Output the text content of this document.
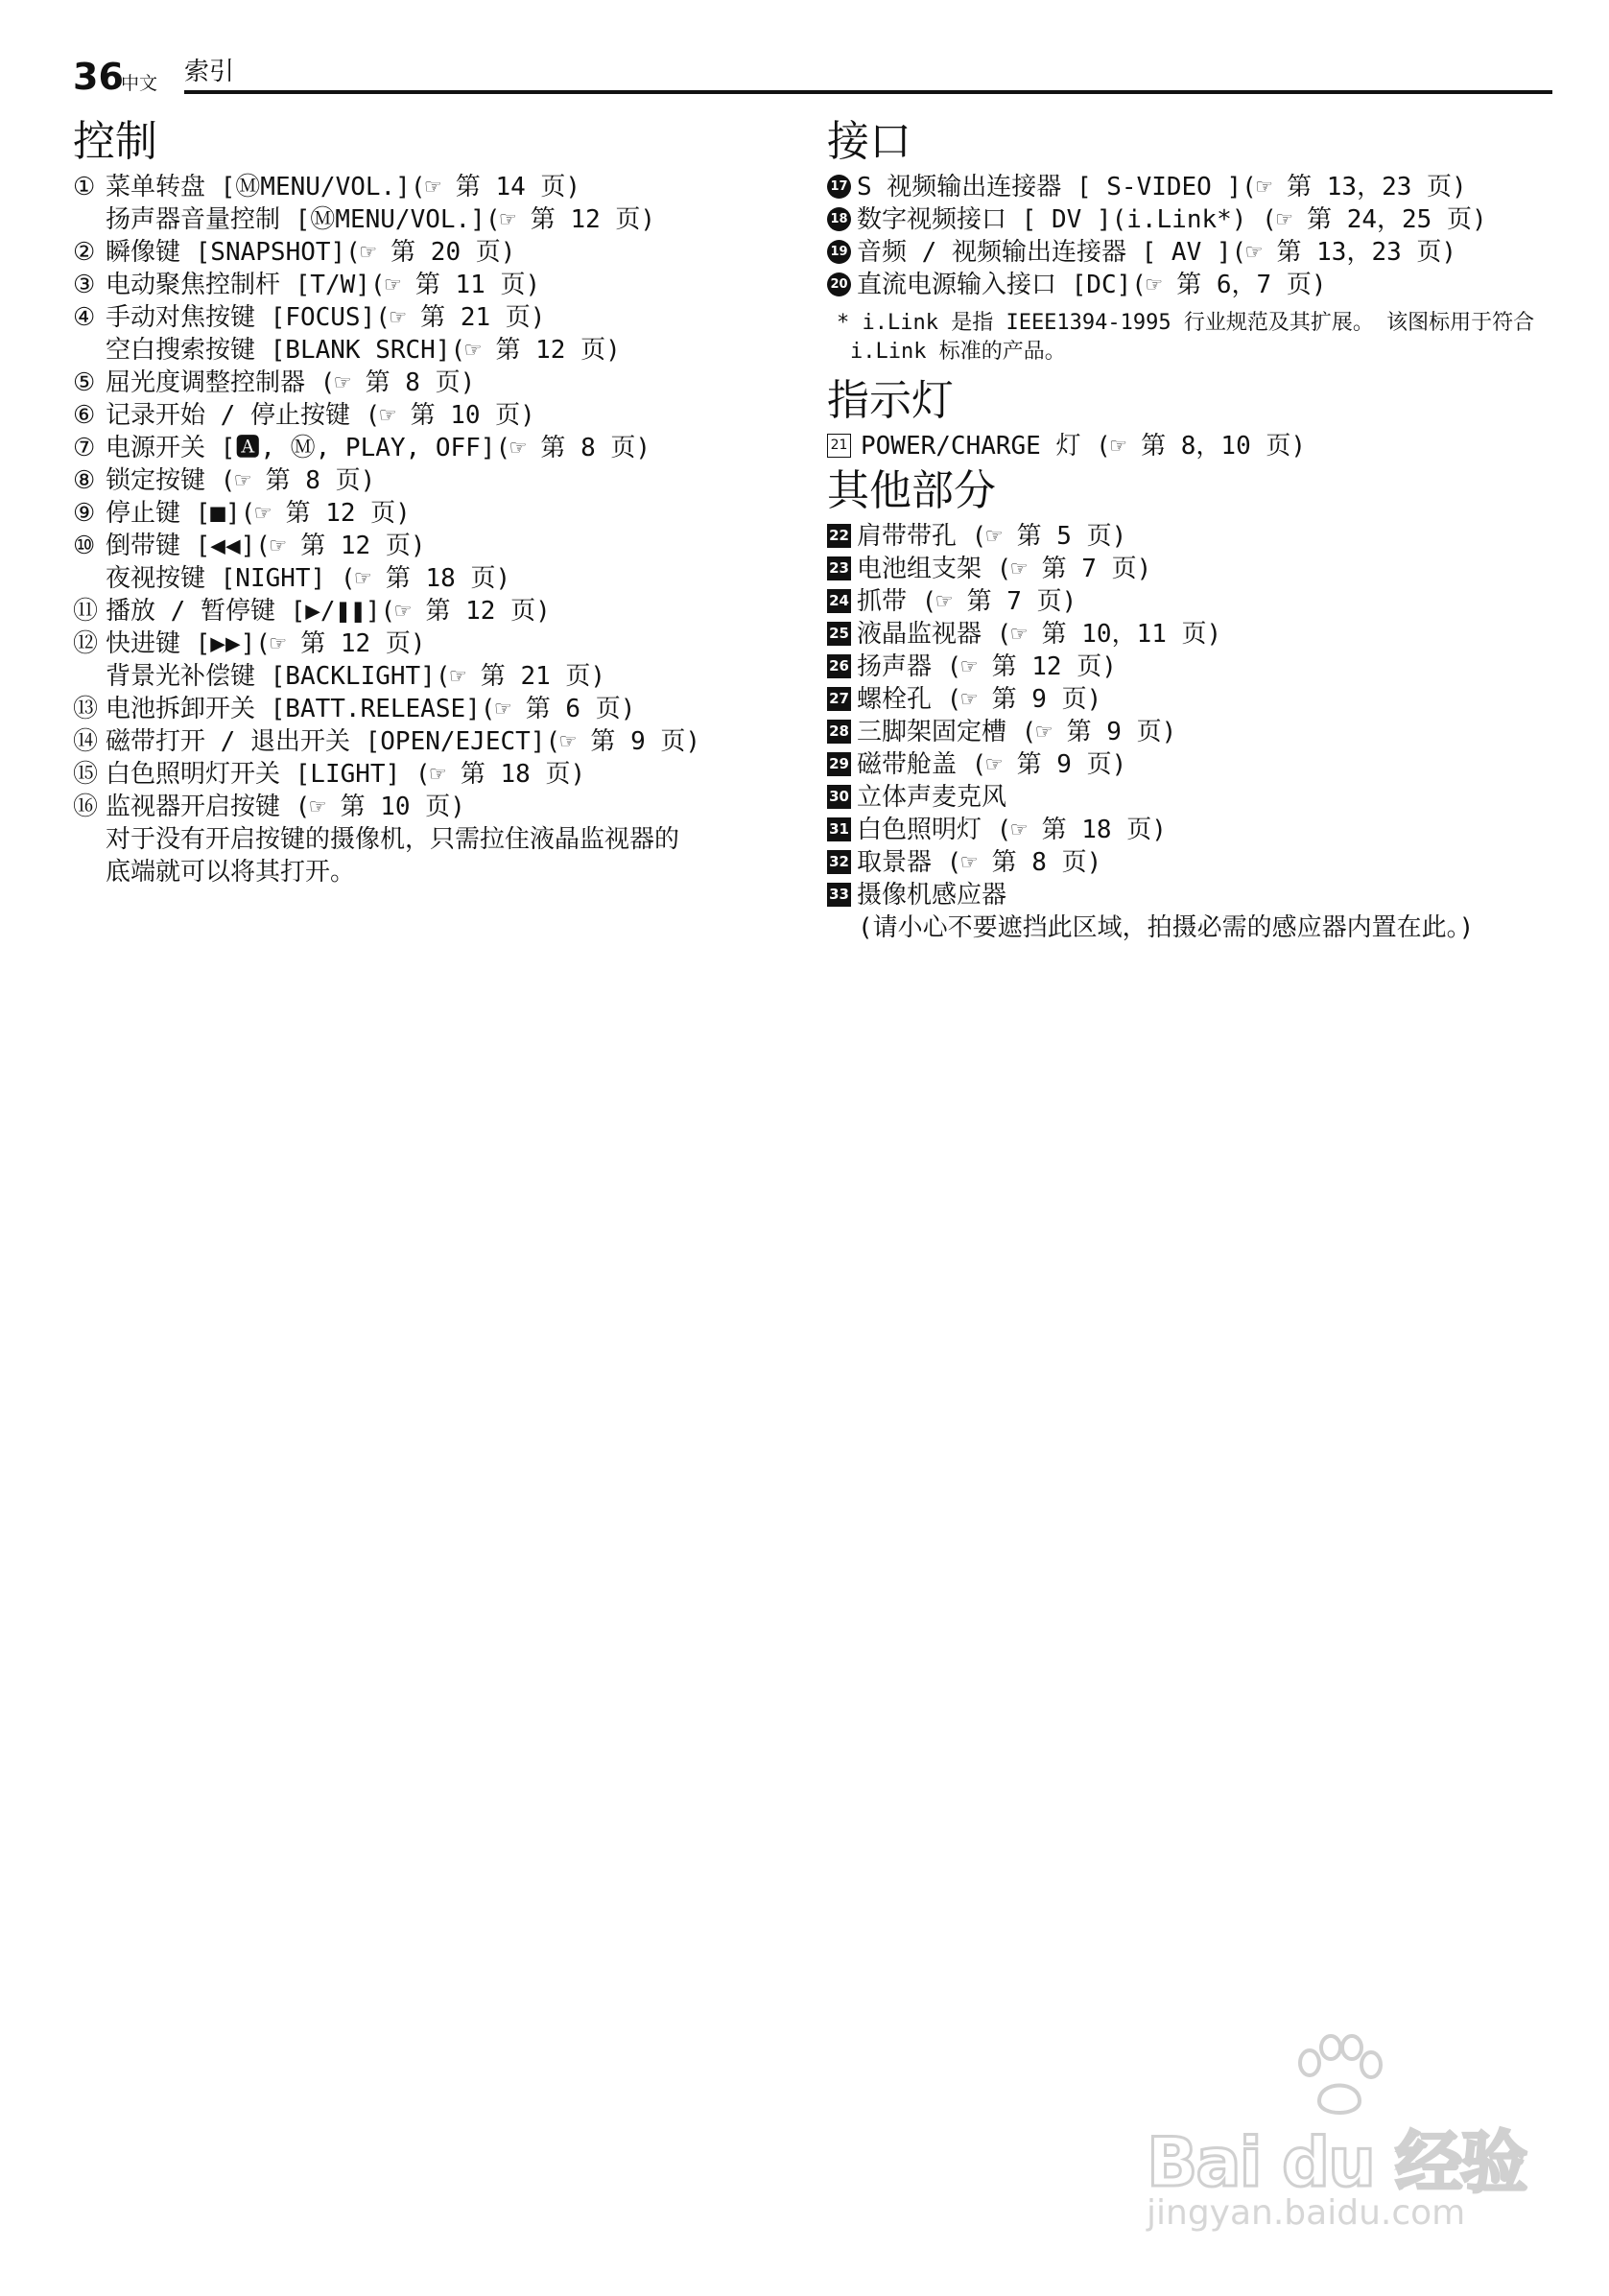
36
中文 索引
控制
① 菜单转盘 [ⓂMENU/VOL.](☞ 第 14 页)
扬声器音量控制 [ⓂMENU/VOL.](☞ 第 12 页)
② 瞬像键 [SNAPSHOT](☞ 第 20 页)
③ 电动聚焦控制杆 [T/W](☞ 第 11 页)
④ 手动对焦按键 [FOCUS](☞ 第 21 页)
空白搜索按键 [BLANK SRCH](☞ 第 12 页)
⑤ 屈光度调整控制器 (☞ 第 8 页)
⑥ 记录开始 / 停止按键 (☞ 第 10 页)
⑦ 电源开关 [🅰, Ⓜ, PLAY, OFF](☞ 第 8 页)
⑧ 锁定按键 (☞ 第 8 页)
⑨ 停止键 [■](☞ 第 12 页)
⑩ 倒带键 [◀◀](☞ 第 12 页)
夜视按键 [NIGHT] (☞ 第 18 页)
⑪ 播放 / 暂停键 [▶/❚❚](☞ 第 12 页)
⑫ 快进键 [▶▶](☞ 第 12 页)
背景光补偿键 [BACKLIGHT](☞ 第 21 页)
⑬ 电池拆卸开关 [BATT.RELEASE](☞ 第 6 页)
⑭ 磁带打开 / 退出开关 [OPEN/EJECT](☞ 第 9 页)
⑮ 白色照明灯开关 [LIGHT] (☞ 第 18 页)
⑯ 监视器开启按键 (☞ 第 10 页)
对于没有开启按键的摄像机，只需拉住液晶监视器的
底端就可以将其打开。
接口
17 S 视频输出连接器 [ S-VIDEO ](☞ 第 13，23 页)
18 数字视频接口 [ DV ](i.Link*) (☞ 第 24，25 页)
19 音频 / 视频输出连接器 [ AV ](☞ 第 13，23 页)
20 直流电源输入接口 [DC](☞ 第 6，7 页)
* i.Link 是指 IEEE1394-1995 行业规范及其扩展。 该图标用于符合 i.Link 标准的产品。
指示灯
21 POWER/CHARGE 灯 (☞ 第 8，10 页)
其他部分
22 肩带带孔 (☞ 第 5 页)
23 电池组支架 (☞ 第 7 页)
24 抓带 (☞ 第 7 页)
25 液晶监视器 (☞ 第 10，11 页)
26 扬声器 (☞ 第 12 页)
27 螺栓孔 (☞ 第 9 页)
28 三脚架固定槽 (☞ 第 9 页)
29 磁带舱盖 (☞ 第 9 页)
30 立体声麦克风
31 白色照明灯 (☞ 第 18 页)
32 取景器 (☞ 第 8 页)
33 摄像机感应器
(请小心不要遮挡此区域，拍摄必需的感应器内置在此。)
Bai du 经验
jingyan.baidu.com
